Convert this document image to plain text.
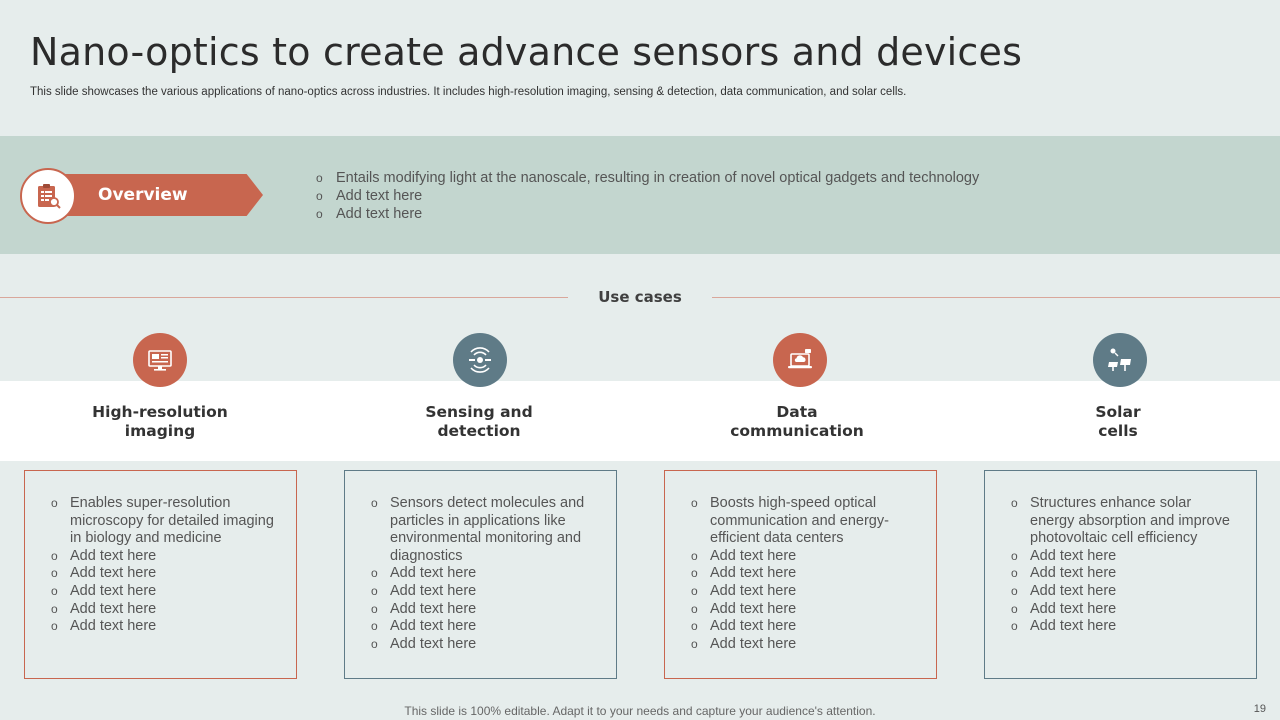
Nano-optics to create advance sensors and devices

This slide showcases the various applications of nano-optics across industries. It includes high-resolution imaging, sensing & detection, data communication, and solar cells.

Overview
o Entails modifying light at the nanoscale, resulting in creation of novel optical gadgets and technology
o Add text here
o Add text here
Use cases
High-resolution
imaging
o Enables super-resolution microscopy for detailed imaging in biology and medicine
o Add text here
o Add text here
o Add text here
o Add text here
o Add text here
Sensing and
detection
o Sensors detect molecules and particles in applications like environmental monitoring and diagnostics
o Add text here
o Add text here
o Add text here
o Add text here
o Add text here
Data
communication
o Boosts high-speed optical communication and energy-efficient data centers
o Add text here
o Add text here
o Add text here
o Add text here
o Add text here
o Add text here
Solar
cells
o Structures enhance solar energy absorption and improve photovoltaic cell efficiency
o Add text here
o Add text here
o Add text here
o Add text here
o Add text here
This slide is 100% editable. Adapt it to your needs and capture your audience's attention.	19
